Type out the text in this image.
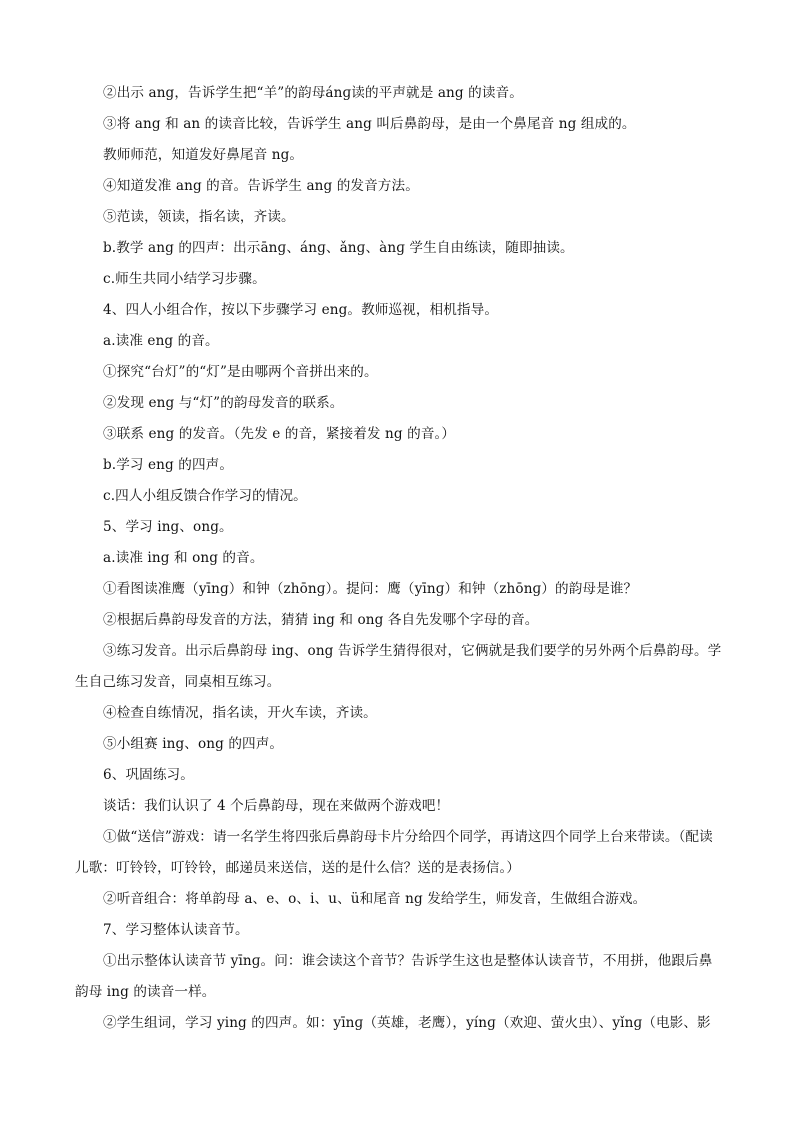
②出示 ang，告诉学生把“羊”的韵母ánɡ读的平声就是 ang 的读音。

③将 ang 和 an 的读音比较，告诉学生 ang 叫后鼻韵母，是由一个鼻尾音 ng 组成的。

教师师范，知道发好鼻尾音 ng。

④知道发准 ang 的音。告诉学生 ang 的发音方法。

⑤范读，领读，指名读，齐读。

b.教学 ang 的四声：出示ānɡ、ánɡ、ǎnɡ、ànɡ 学生自由练读，随即抽读。

c.师生共同小结学习步骤。

4、四人小组合作，按以下步骤学习 eng。教师巡视，相机指导。

a.读准 eng 的音。

①探究“台灯”的“灯”是由哪两个音拼出来的。

②发现 eng 与“灯”的韵母发音的联系。

③联系 eng 的发音。（先发 e 的音，紧接着发 ng 的音。）

b.学习 eng 的四声。

c.四人小组反馈合作学习的情况。

5、学习 ing、ong。

a.读准 ing 和 ong 的音。

①看图读准鹰（yīnɡ）和钟（zhōnɡ）。提问：鹰（yīnɡ）和钟（zhōnɡ）的韵母是谁？

②根据后鼻韵母发音的方法，猜猜 ing 和 ong 各自先发哪个字母的音。

③练习发音。出示后鼻韵母 ing、ong 告诉学生猜得很对，它俩就是我们要学的另外两个后鼻韵母。学生自己练习发音，同桌相互练习。

④检查自练情况，指名读，开火车读，齐读。

⑤小组赛 ing、ong 的四声。

6、巩固练习。

谈话：我们认识了 4 个后鼻韵母，现在来做两个游戏吧！

①做“送信”游戏：请一名学生将四张后鼻韵母卡片分给四个同学，再请这四个同学上台来带读。（配读儿歌：叮铃铃，叮铃铃，邮递员来送信，送的是什么信？送的是表扬信。）

②听音组合：将单韵母 a、e、o、i、u、ü和尾音 ng 发给学生，师发音，生做组合游戏。

7、学习整体认读音节。

①出示整体认读音节 yīnɡ。问：谁会读这个音节？告诉学生这也是整体认读音节，不用拼，他跟后鼻韵母 ing 的读音一样。

②学生组词，学习 ying 的四声。如：yīnɡ（英雄，老鹰），yínɡ（欢迎、萤火虫）、yǐnɡ（电影、影
